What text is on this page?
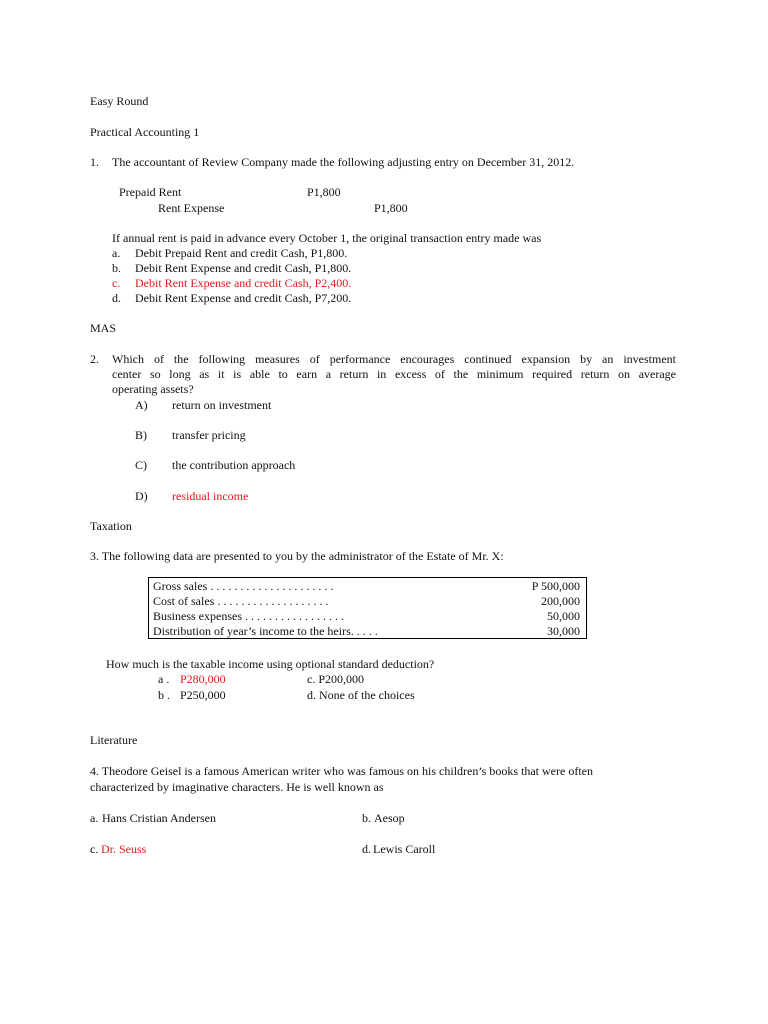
Easy Round
Practical Accounting 1
1. The accountant of Review Company made the following adjusting entry on December 31, 2012.
Prepaid Rent	P1,800
Rent Expense	P1,800
If annual rent is paid in advance every October 1, the original transaction entry made was
a. Debit Prepaid Rent and credit Cash, P1,800.
b. Debit Rent Expense and credit Cash, P1,800.
c. Debit Rent Expense and credit Cash, P2,400.
d. Debit Rent Expense and credit Cash, P7,200.
MAS
2. Which of the following measures of performance encourages continued expansion by an investment
center so long as it is able to earn a return in excess of the minimum required return on average
operating assets?
A) return on investment
B) transfer pricing
C) the contribution approach
D) residual income
Taxation
3. The following data are presented to you by the administrator of the Estate of Mr. X:
Gross sales . . . . . . . . . . . . . . . . . . . . .	P 500,000
Cost of sales . . . . . . . . . . . . . . . . . . .	200,000
Business expenses . . . . . . . . . . . . . . . . .	50,000
Distribution of year’s income to the heirs. . . . .	30,000
How much is the taxable income using optional standard deduction?
a . P280,000	c. P200,000
b . P250,000	d. None of the choices
Literature
4. Theodore Geisel is a famous American writer who was famous on his children’s books that were often
characterized by imaginative characters. He is well known as
a. Hans Cristian Andersen	b. Aesop
c. Dr. Seuss	d. Lewis Caroll
